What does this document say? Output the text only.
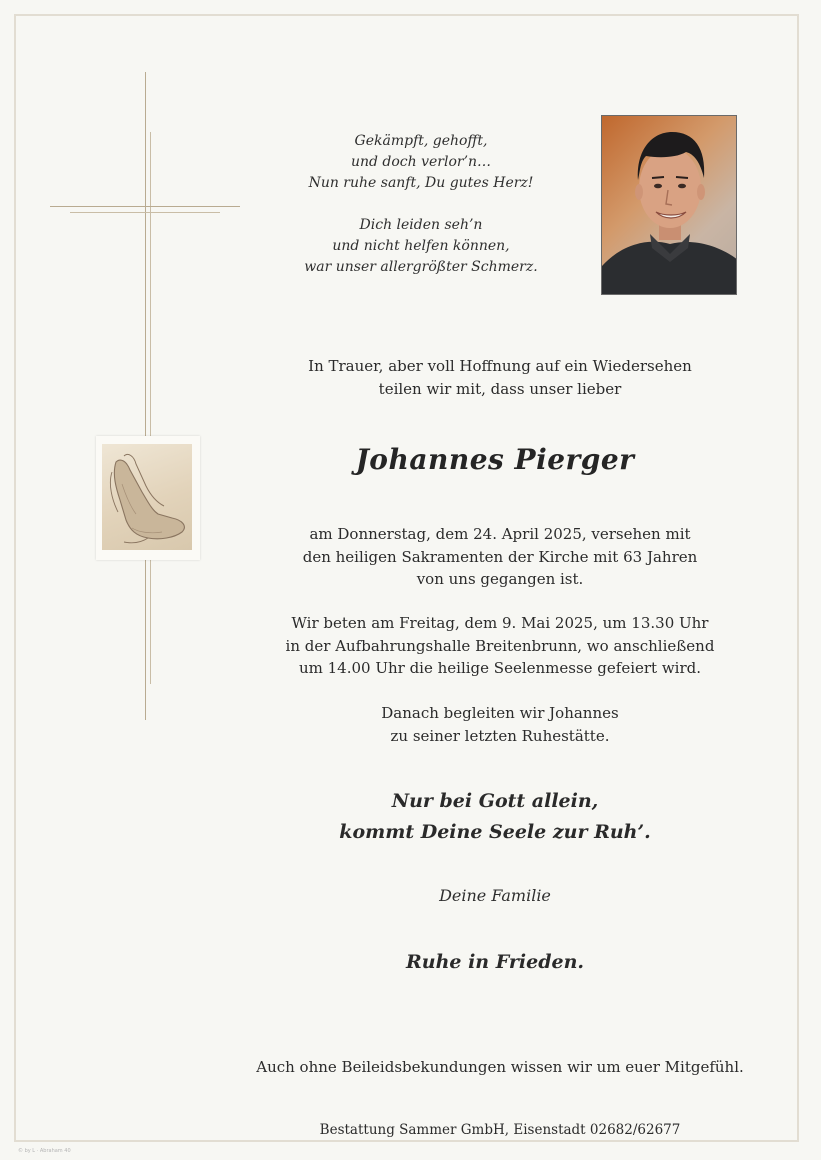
Gekämpft, gehofft,
und doch verlor’n…
Nun ruhe sanft, Du gutes Herz!
Dich leiden seh’n
und nicht helfen können,
war unser allergrößter Schmerz.
In Trauer, aber voll Hoffnung auf ein Wiedersehen
teilen wir mit, dass unser lieber
Johannes Pierger
am Donnerstag, dem 24. April 2025, versehen mit
den heiligen Sakramenten der Kirche mit 63 Jahren
von uns gegangen ist.
Wir beten am Freitag, dem 9. Mai 2025, um 13.30 Uhr
in der Aufbahrungshalle Breitenbrunn, wo anschließend
um 14.00 Uhr die heilige Seelenmesse gefeiert wird.
Danach begleiten wir Johannes
zu seiner letzten Ruhestätte.
Nur bei Gott allein,
kommt Deine Seele zur Ruh’.
Deine Familie
Ruhe in Frieden.
Auch ohne Beileidsbekundungen wissen wir um euer Mitgefühl.
Bestattung Sammer GmbH, Eisenstadt 02682/62677
© by L · Abraham 40
